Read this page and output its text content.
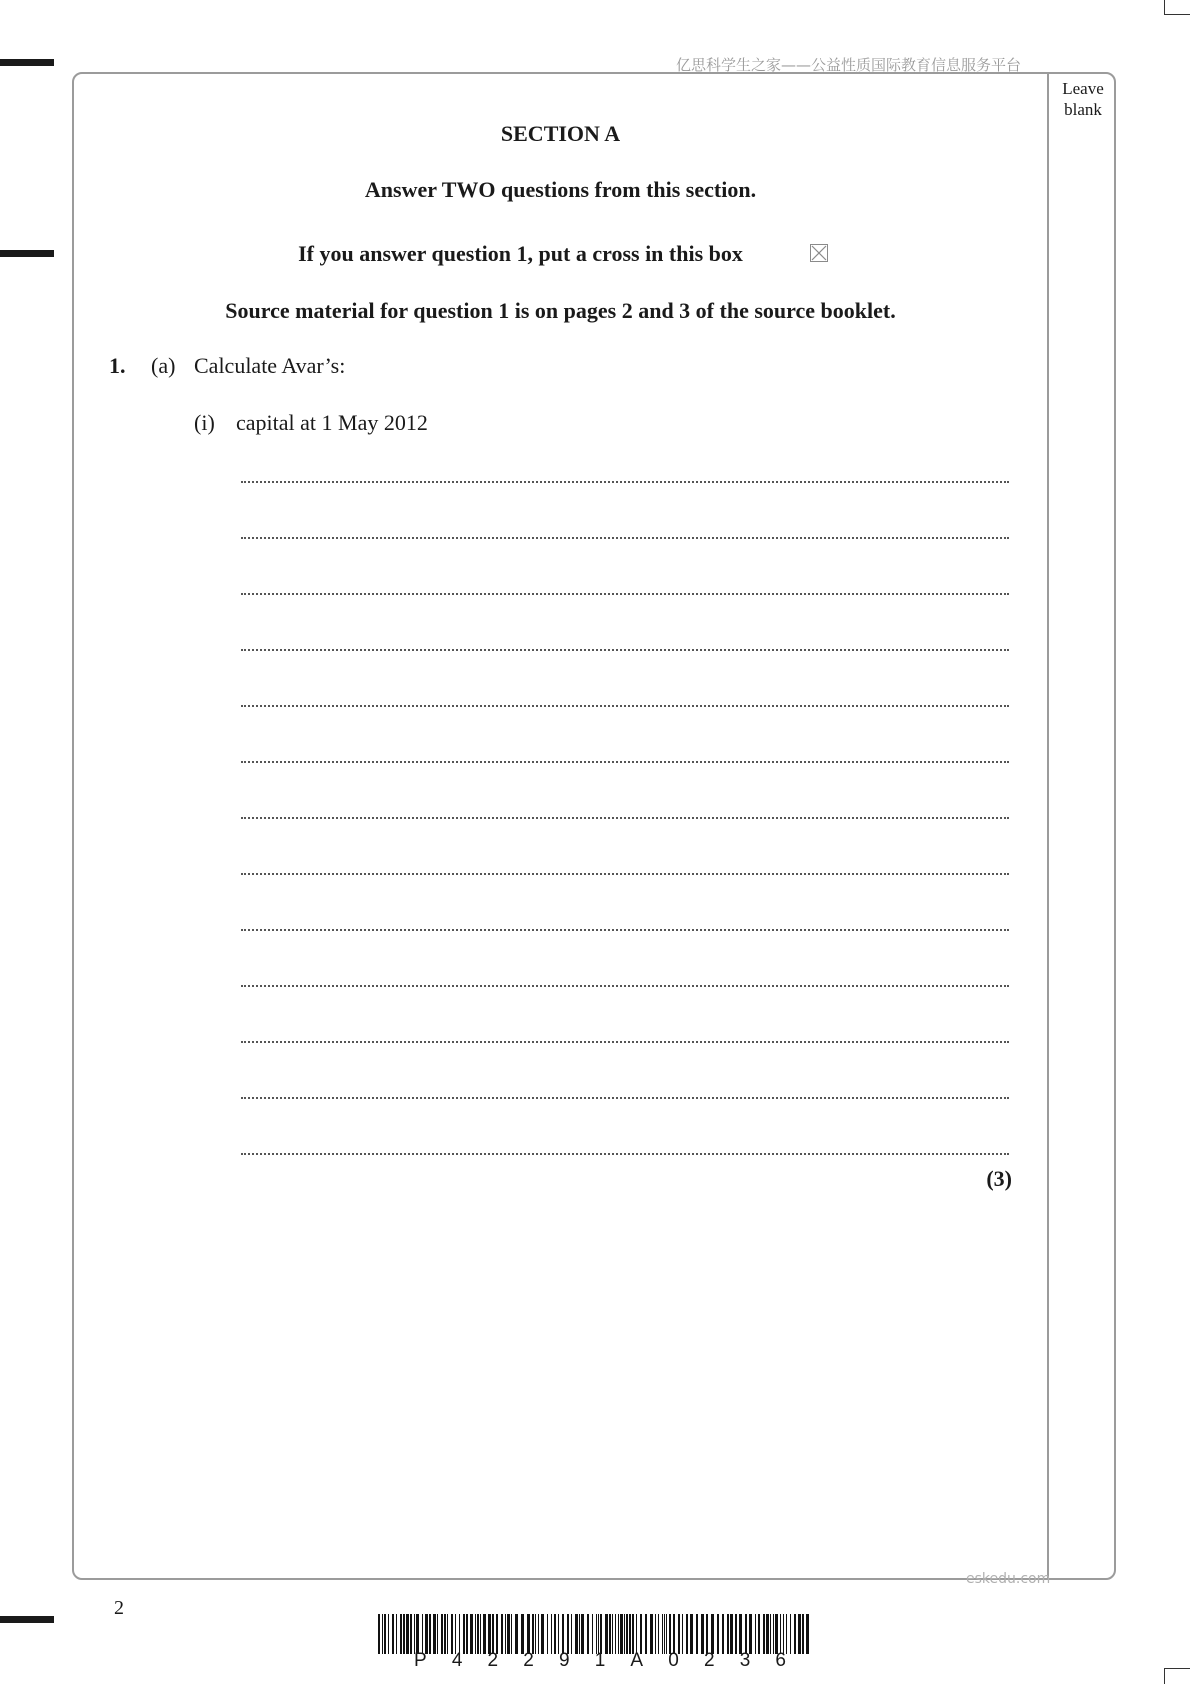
亿思科学生之家——公益性质国际教育信息服务平台
Leave
blank
SECTION A
Answer TWO questions from this section.
If you answer question 1, put a cross in this box
Source material for question 1 is on pages 2 and 3 of the source booklet.
1. (a) Calculate Avar’s:
(i) capital at 1 May 2012
(3)
eskedu.com
2
P 4 2 2 9 1 A 0 2 3 6
